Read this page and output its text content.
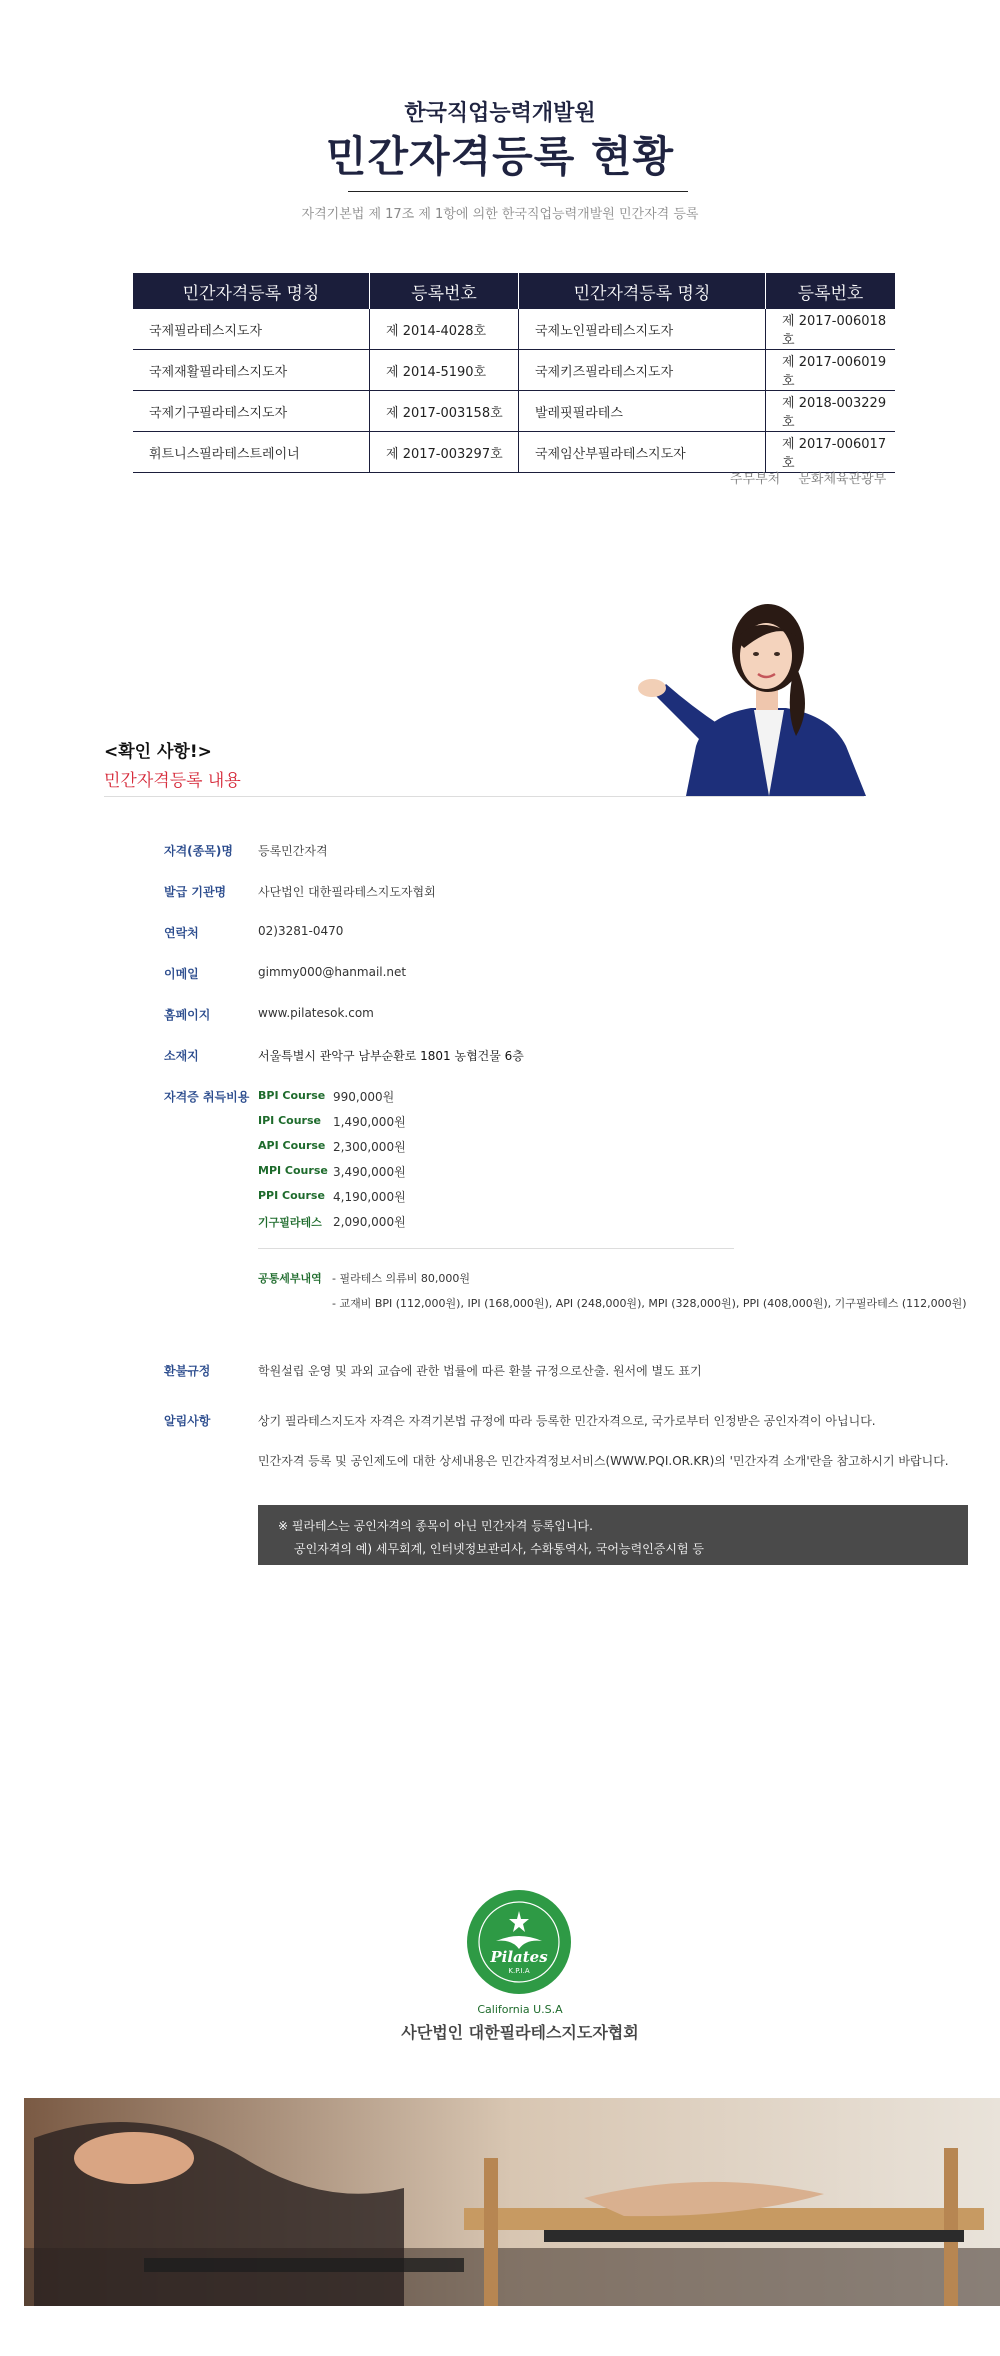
한국직업능력개발원
민간자격등록 현황
자격기본법 제 17조 제 1항에 의한 한국직업능력개발원 민간자격 등록
민간자격등록 명칭	등록번호	민간자격등록 명칭	등록번호
국제필라테스지도자	제 2014-4028호	국제노인필라테스지도자	제 2017-006018호
국제재활필라테스지도자	제 2014-5190호	국제키즈필라테스지도자	제 2017-006019호
국제기구필라테스지도자	제 2017-003158호	발레핏필라테스	제 2018-003229호
휘트니스필라테스트레이너	제 2017-003297호	국제임산부필라테스지도자	제 2017-006017호
주무부처 문화체육관광부
<확인 사항!>
민간자격등록 내용
자격(종목)명 등록민간자격
발급 기관명	사단법인 대한필라테스지도자협회
연락처	02)3281-0470
이메일	gimmy000@hanmail.net
홈페이지	www.pilatesok.com
소재지	서울특별시 관악구 남부순환로 1801 농협건물 6층
자격증 취득비용 BPI Course 990,000원
IPI Course 1,490,000원
API Course 2,300,000원
MPI Course 3,490,000원
PPI Course 4,190,000원
기구필라테스 2,090,000원
공통세부내역 - 필라테스 의류비 80,000원
- 교재비 BPI (112,000원), IPI (168,000원), API (248,000원), MPI (328,000원), PPI (408,000원), 기구필라테스 (112,000원)
환불규정	학원설립 운영 및 과외 교습에 관한 법률에 따른 환불 규정으로산출. 원서에 별도 표기
알림사항	상기 필라테스지도자 자격은 자격기본법 규정에 따라 등록한 민간자격으로, 국가로부터 인정받은 공인자격이 아닙니다.
민간자격 등록 및 공인제도에 대한 상세내용은 민간자격정보서비스(WWW.PQI.OR.KR)의 '민간자격 소개'란을 참고하시기 바랍니다.
※ 필라테스는 공인자격의 종목이 아닌 민간자격 등록입니다.
공인자격의 예) 세무회계, 인터넷정보관리사, 수화통역사, 국어능력인증시험 등
Pilates
K.P.I.A
California U.S.A
사단법인 대한필라테스지도자협회
